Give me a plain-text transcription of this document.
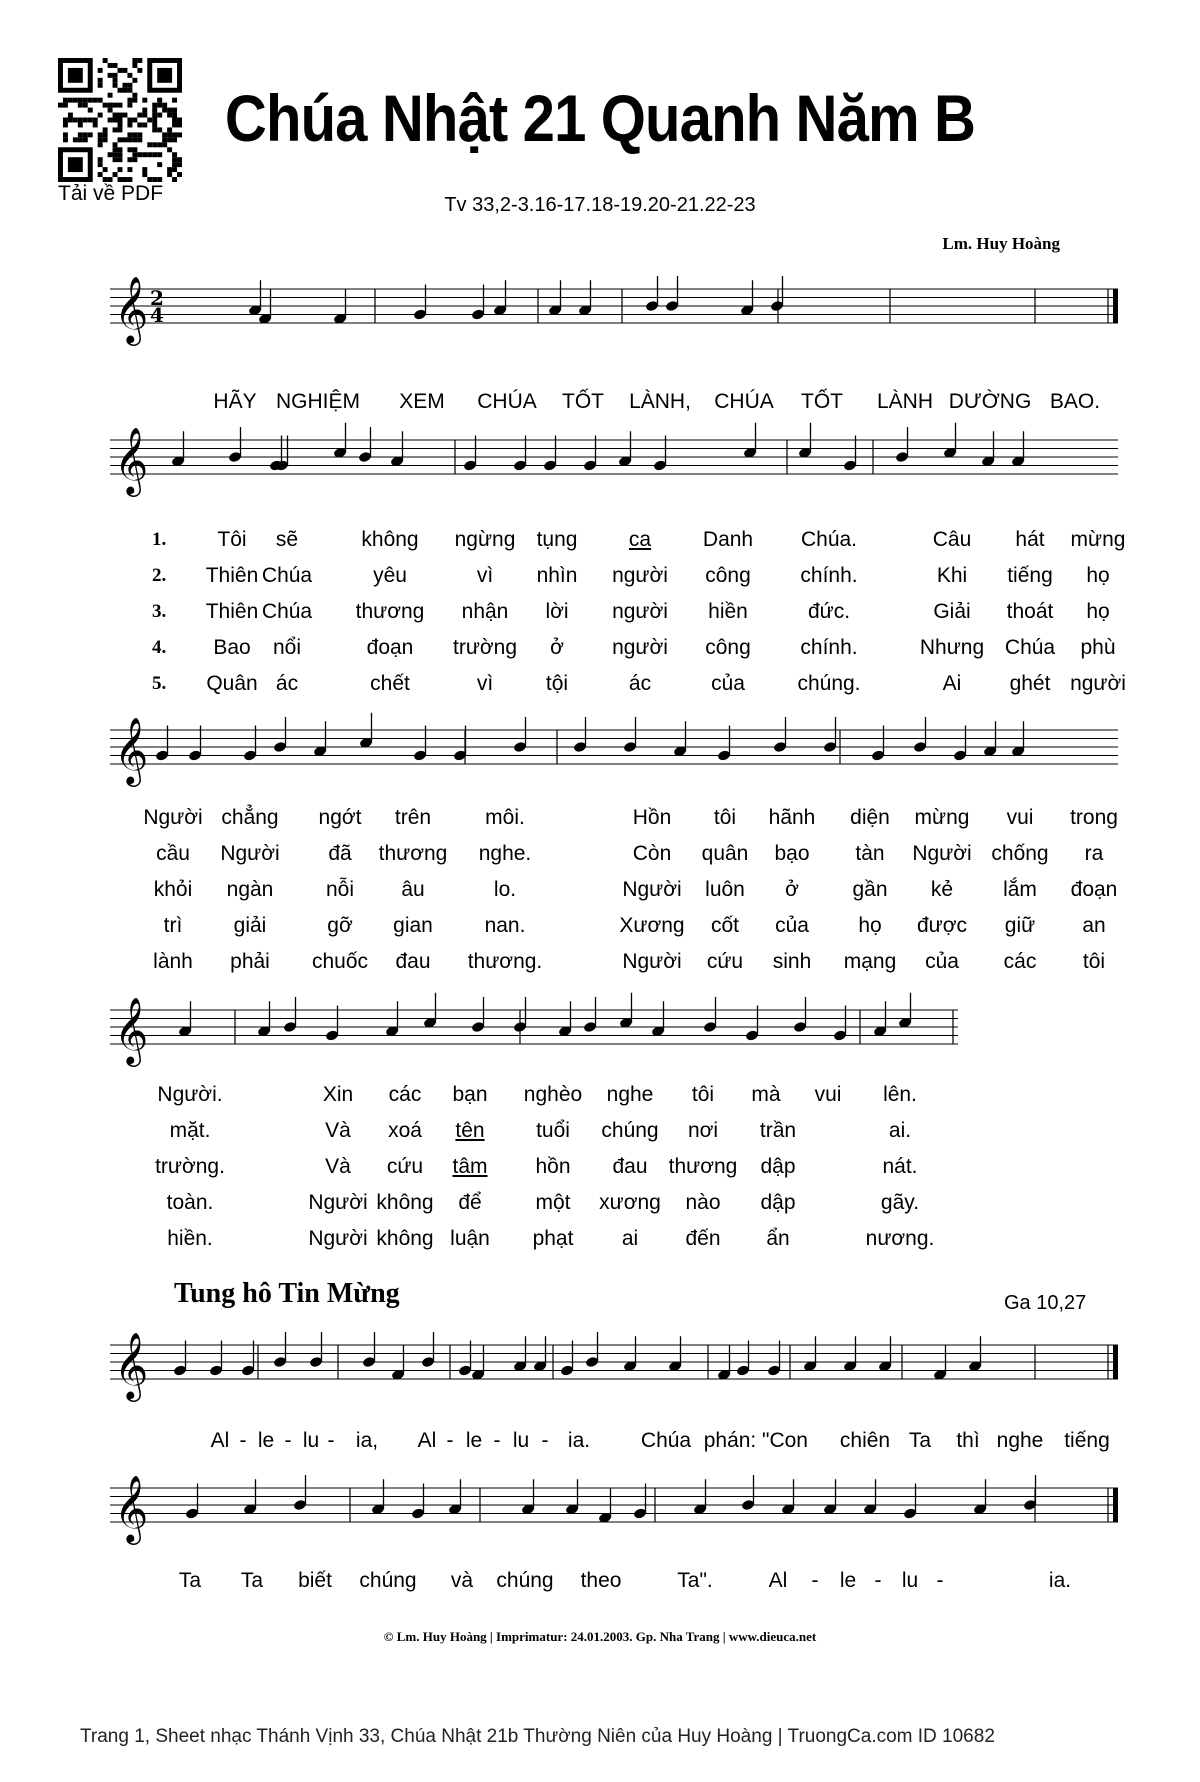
Tải về PDF
Chúa Nhật 21 Quanh Năm B
Tv 33,2-3.16-17.18-19.20-21.22-23
Lm. Huy Hoàng
𝄞 2
4
𝄞
𝄞
𝄞
𝄞
𝄞
HÃY NGHIỆM XEM CHÚA TỐT LÀNH, CHÚA TỐT LÀNH DƯỜNG BAO.
1.
2.
3.
4.
5.
Tôi sẽ	không ngừng tụng ca Danh Chúa.	Câu hát mừng
Thiên Chúa	yêu	vì nhìn người công chính.	Khi tiếng họ
Thiên Chúa thương nhận lời người hiền	đức.	Giải thoát họ
Bao nổi	đoạn trường ở người công chính.	Nhưng Chúa phù
Quân ác	chết	vì	tội	ác	của	chúng.	Ai ghét người
Người chẳng ngớt trên	môi.	Hồn tôi hãnh diện mừng vui trong
cầu Người đã thương nghe.	Còn quân bạo tàn Người chống ra
khỏi ngàn	nỗi âu	lo.	Người luôn ở	gần kẻ lắm đoạn
trì giải	gỡ gian nan.	Xương cốt của họ được giữ an
lành phải chuốc đau thương.	Người cứu sinh mạng của các tôi
Người.	Xin các bạn nghèo nghe tôi mà vui lên.
mặt.	Và xoá tên tuổi chúng nơi trần	ai.
trường.	Và cứu tâm hồn đau thương dập	nát.
toàn.	Người không để	một xương nào dập	gãy.
hiền.	Người không luận phạt ai đến ẩn	nương.
Al - le - lu - ia, Al - le - lu - ia. Chúa phán: "Con chiên Ta thì nghe tiếng
Ta Ta biết chúng và chúng theo	Ta".	Al - le - lu -	ia.
Tung hô Tin Mừng	Ga 10,27
© Lm. Huy Hoàng | Imprimatur: 24.01.2003. Gp. Nha Trang | www.dieuca.net
Trang 1, Sheet nhạc Thánh Vịnh 33, Chúa Nhật 21b Thường Niên của Huy Hoàng | TruongCa.com ID 10682
